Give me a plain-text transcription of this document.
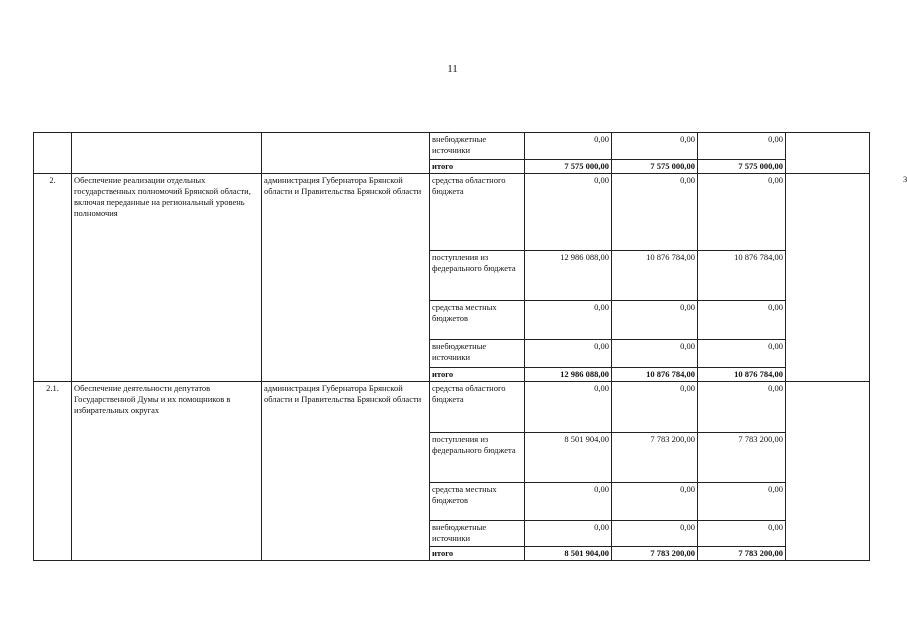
11
			внебюджетные источники	0,00	0,00	0,00	
			итого	7 575 000,00	7 575 000,00	7 575 000,00	
2.	Обеспечение реализации отдельных государственных полномочий Брянской области, включая переданные на региональный уровень полномочия	администрация Губернатора Брянской области и Правительства Брянской области	средства областного бюджета	0,00	0,00	0,00	
			поступления из федерального бюджета	12 986 088,00	10 876 784,00	10 876 784,00	
			средства местных бюджетов	0,00	0,00	0,00	
			внебюджетные источники	0,00	0,00	0,00	
			итого	12 986 088,00	10 876 784,00	10 876 784,00	
2.1.	Обеспечение деятельности депутатов Государственной Думы и их помощников в избирательных округах	администрация Губернатора Брянской области и Правительства Брянской области	средства областного бюджета	0,00	0,00	0,00	
			поступления из федерального бюджета	8 501 904,00	7 783 200,00	7 783 200,00	
			средства местных бюджетов	0,00	0,00	0,00	
			внебюджетные источники	0,00	0,00	0,00	
			итого	8 501 904,00	7 783 200,00	7 783 200,00	
3
